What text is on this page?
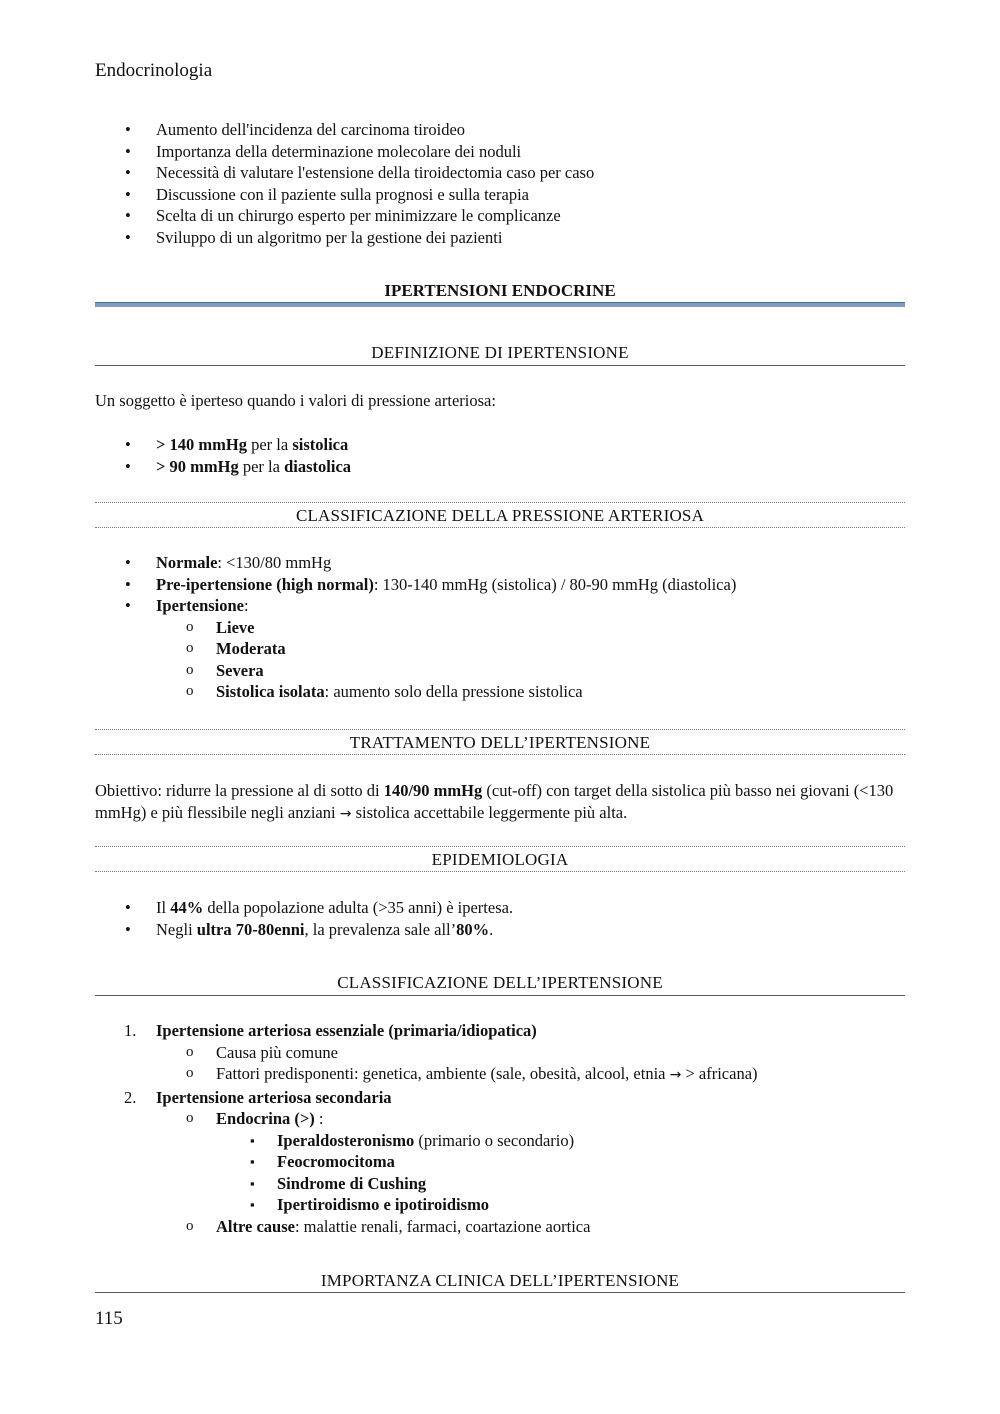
Endocrinologia
• Aumento dell'incidenza del carcinoma tiroideo
• Importanza della determinazione molecolare dei noduli
• Necessità di valutare l'estensione della tiroidectomia caso per caso
• Discussione con il paziente sulla prognosi e sulla terapia
• Scelta di un chirurgo esperto per minimizzare le complicanze
• Sviluppo di un algoritmo per la gestione dei pazienti
IPERTENSIONI ENDOCRINE
DEFINIZIONE DI IPERTENSIONE
Un soggetto è iperteso quando i valori di pressione arteriosa:
• > 140 mmHg per la sistolica
• > 90 mmHg per la diastolica
CLASSIFICAZIONE DELLA PRESSIONE ARTERIOSA
• Normale: <130/80 mmHg
• Pre-ipertensione (high normal): 130-140 mmHg (sistolica) / 80-90 mmHg (diastolica)
• Ipertensione:
o Lieve
o Moderata
o Severa
o Sistolica isolata: aumento solo della pressione sistolica
TRATTAMENTO DELL’IPERTENSIONE
Obiettivo: ridurre la pressione al di sotto di 140/90 mmHg (cut-off) con target della sistolica più basso nei giovani (<130 mmHg) e più flessibile negli anziani → sistolica accettabile leggermente più alta.
EPIDEMIOLOGIA
• Il 44% della popolazione adulta (>35 anni) è ipertesa.
• Negli ultra 70-80enni, la prevalenza sale all’80%.
CLASSIFICAZIONE DELL’IPERTENSIONE
1. Ipertensione arteriosa essenziale (primaria/idiopatica)
o Causa più comune
o Fattori predisponenti: genetica, ambiente (sale, obesità, alcool, etnia → > africana)
2. Ipertensione arteriosa secondaria
o Endocrina (>) :
▪ Iperaldosteronismo (primario o secondario)
▪ Feocromocitoma
▪ Sindrome di Cushing
▪ Ipertiroidismo e ipotiroidismo
o Altre cause: malattie renali, farmaci, coartazione aortica
IMPORTANZA CLINICA DELL’IPERTENSIONE
115
